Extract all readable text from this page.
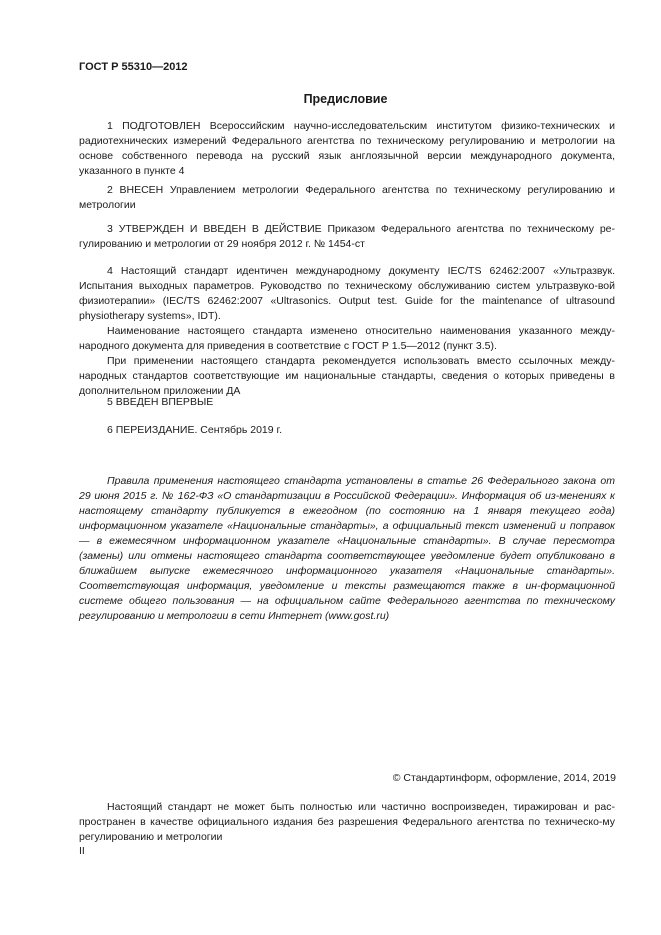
ГОСТ Р 55310—2012
Предисловие

1 ПОДГОТОВЛЕН Всероссийским научно-исследовательским институтом физико-технических и радиотехнических измерений Федерального агентства по техническому регулированию и метрологии на основе собственного перевода на русский язык англоязычной версии международного документа, указанного в пункте 4

2 ВНЕСЕН Управлением метрологии Федерального агентства по техническому регулированию и метрологии

3 УТВЕРЖДЕН И ВВЕДЕН В ДЕЙСТВИЕ Приказом Федерального агентства по техническому ре-гулированию и метрологии от 29 ноября 2012 г. № 1454-ст

4 Настоящий стандарт идентичен международному документу IEC/TS 62462:2007 «Ультразвук. Испытания выходных параметров. Руководство по техническому обслуживанию систем ультразвуко-вой физиотерапии» (IEC/TS 62462:2007 «Ultrasonics. Output test. Guide for the maintenance of ultrasound physiotherapy systems», IDT).

Наименование настоящего стандарта изменено относительно наименования указанного между-народного документа для приведения в соответствие с ГОСТ Р 1.5—2012 (пункт 3.5).

При применении настоящего стандарта рекомендуется использовать вместо ссылочных между-народных стандартов соответствующие им национальные стандарты, сведения о которых приведены в дополнительном приложении ДА

5 ВВЕДЕН ВПЕРВЫЕ

6 ПЕРЕИЗДАНИЕ. Сентябрь 2019 г.

Правила применения настоящего стандарта установлены в статье 26 Федерального закона от 29 июня 2015 г. № 162-ФЗ «О стандартизации в Российской Федерации». Информация об из-менениях к настоящему стандарту публикуется в ежегодном (по состоянию на 1 января текущего года) информационном указателе «Национальные стандарты», а официальный текст изменений и поправок — в ежемесячном информационном указателе «Национальные стандарты». В случае пересмотра (замены) или отмены настоящего стандарта соответствующее уведомление будет опубликовано в ближайшем выпуске ежемесячного информационного указателя «Национальные стандарты». Соответствующая информация, уведомление и тексты размещаются также в ин-формационной системе общего пользования — на официальном сайте Федерального агентства по техническому регулированию и метрологии в сети Интернет (www.gost.ru)

© Стандартинформ, оформление, 2014, 2019
Настоящий стандарт не может быть полностью или частично воспроизведен, тиражирован и рас-пространен в качестве официального издания без разрешения Федерального агентства по техническо-му регулированию и метрологии
II
